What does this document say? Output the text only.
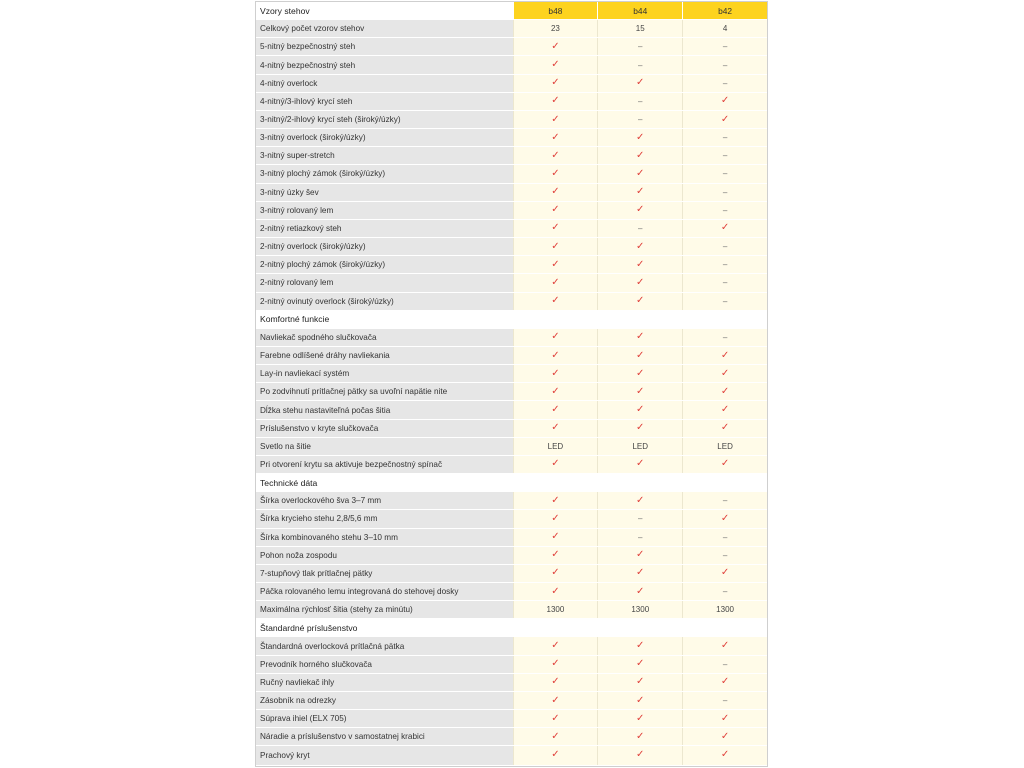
Vzory stehov	b48	b44	b42
Celkový počet vzorov stehov	23	15	4
5-nitný bezpečnostný steh	✓	–	–
4-nitný bezpečnostný steh	✓	–	–
4-nitný overlock	✓	✓	–
4-nitný/3-ihlový krycí steh	✓	–	✓
3-nitný/2-ihlový krycí steh (široký/úzky)	✓	–	✓
3-nitný overlock (široký/úzky)	✓	✓	–
3-nitný super-stretch	✓	✓	–
3-nitný plochý zámok (široký/úzky)	✓	✓	–
3-nitný úzky šev	✓	✓	–
3-nitný rolovaný lem	✓	✓	–
2-nitný retiazkový steh	✓	–	✓
2-nitný overlock (široký/úzky)	✓	✓	–
2-nitný plochý zámok (široký/úzky)	✓	✓	–
2-nitný rolovaný lem	✓	✓	–
2-nitný ovinutý overlock (široký/úzky)	✓	✓	–
Komfortné funkcie
Navliekač spodného slučkovača	✓	✓	–
Farebne odlíšené dráhy navliekania	✓	✓	✓
Lay-in navliekací systém	✓	✓	✓
Po zodvihnutí prítlačnej pätky sa uvoľní napätie nite	✓	✓	✓
Dĺžka stehu nastaviteľná počas šitia	✓	✓	✓
Príslušenstvo v kryte slučkovača	✓	✓	✓
Svetlo na šitie	LED	LED	LED
Pri otvorení krytu sa aktivuje bezpečnostný spínač	✓	✓	✓
Technické dáta
Šírka overlockového šva 3–7 mm	✓	✓	–
Šírka krycieho stehu 2,8/5,6 mm	✓	–	✓
Šírka kombinovaného stehu 3–10 mm	✓	–	–
Pohon noža zospodu	✓	✓	–
7-stupňový tlak prítlačnej pätky	✓	✓	✓
Páčka rolovaného lemu integrovaná do stehovej dosky	✓	✓	–
Maximálna rýchlosť šitia (stehy za minútu)	1300	1300	1300
Štandardné príslušenstvo
Štandardná overlocková prítlačná pätka	✓	✓	✓
Prevodník horného slučkovača	✓	✓	–
Ručný navliekač ihly	✓	✓	✓
Zásobník na odrezky	✓	✓	–
Súprava ihiel (ELX 705)	✓	✓	✓
Náradie a príslušenstvo v samostatnej krabici	✓	✓	✓
Prachový kryt	✓	✓	✓
